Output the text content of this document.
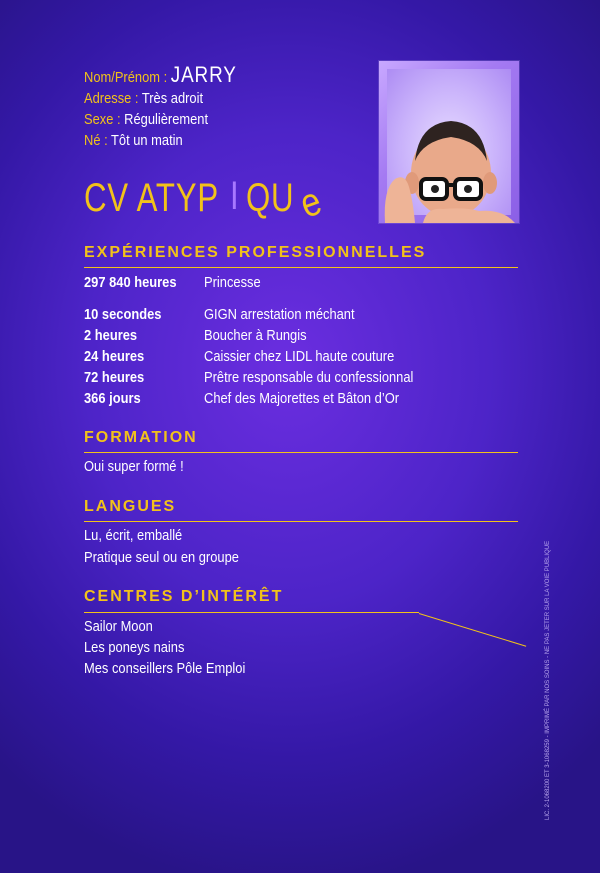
Nom/Prénom : JARRY
Adresse : Très adroit
Sexe : Régulièrement
Né : Tôt un matin
CV ATYP I QU e
EXPÉRIENCES PROFESSIONNELLES
297 840 heures Princesse
10 secondes	GIGN arrestation méchant
2 heures	Boucher à Rungis
24 heures	Caissier chez LIDL haute couture
72 heures	Prêtre responsable du confessionnal
366 jours	Chef des Majorettes et Bâton d’Or
FORMATION
Oui super formé !
LANGUES
Lu, écrit, emballé
Pratique seul ou en groupe
CENTRES D’INTÉRÊT
Sailor Moon
Les poneys nains
Mes conseillers Pôle Emploi	LIC. 2-1068200 ET 3-1068259 - IMPRIMÉ PAR NOS SOINS - NE PAS JETER SUR LA VOIE PUBLIQUE
